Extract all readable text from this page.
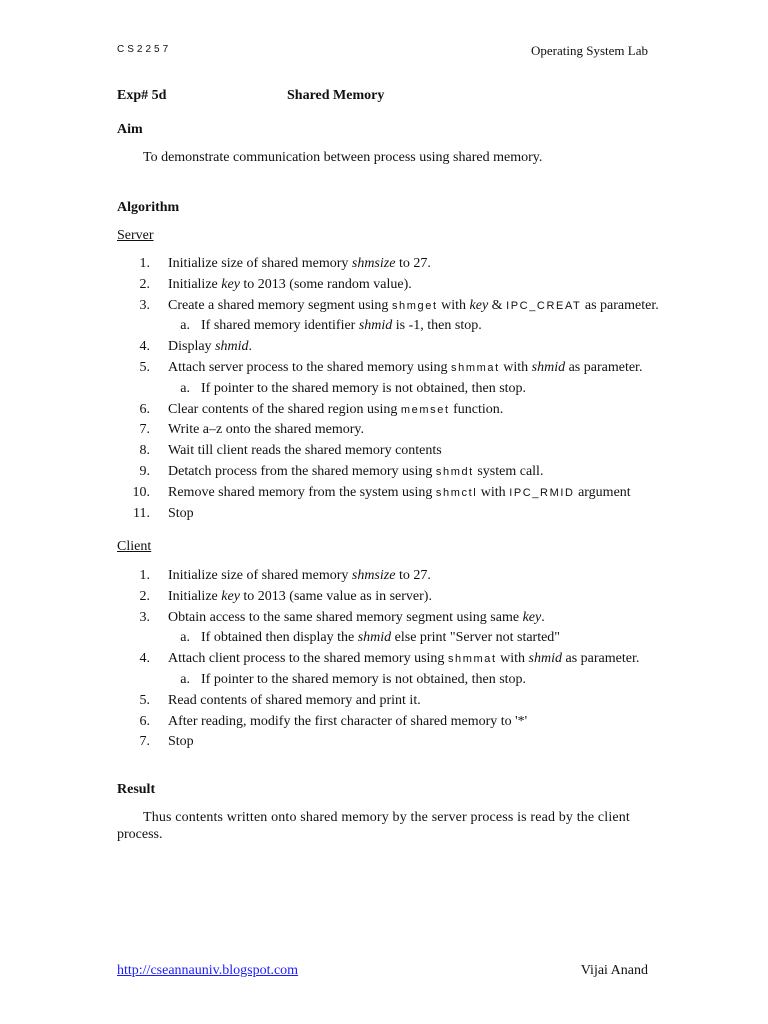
CS2257	Operating System Lab
Exp# 5d	Shared Memory
Aim
To demonstrate communication between process using shared memory.
Algorithm
Server
1. Initialize size of shared memory shmsize to 27.
2. Initialize key to 2013 (some random value).
3. Create a shared memory segment using shmget with key & IPC_CREAT as parameter.
a. If shared memory identifier shmid is -1, then stop.
4. Display shmid.
5. Attach server process to the shared memory using shmmat with shmid as parameter.
a. If pointer to the shared memory is not obtained, then stop.
6. Clear contents of the shared region using memset function.
7. Write a–z onto the shared memory.
8. Wait till client reads the shared memory contents
9. Detatch process from the shared memory using shmdt system call.
10. Remove shared memory from the system using shmctl with IPC_RMID argument
11. Stop
Client
1. Initialize size of shared memory shmsize to 27.
2. Initialize key to 2013 (same value as in server).
3. Obtain access to the same shared memory segment using same key.
a. If obtained then display the shmid else print "Server not started"
4. Attach client process to the shared memory using shmmat with shmid as parameter.
a. If pointer to the shared memory is not obtained, then stop.
5. Read contents of shared memory and print it.
6. After reading, modify the first character of shared memory to '*'
7. Stop
Result
Thus contents written onto shared memory by the server process is read by the client
process.
http://cseannauniv.blogspot.com	Vijai Anand
